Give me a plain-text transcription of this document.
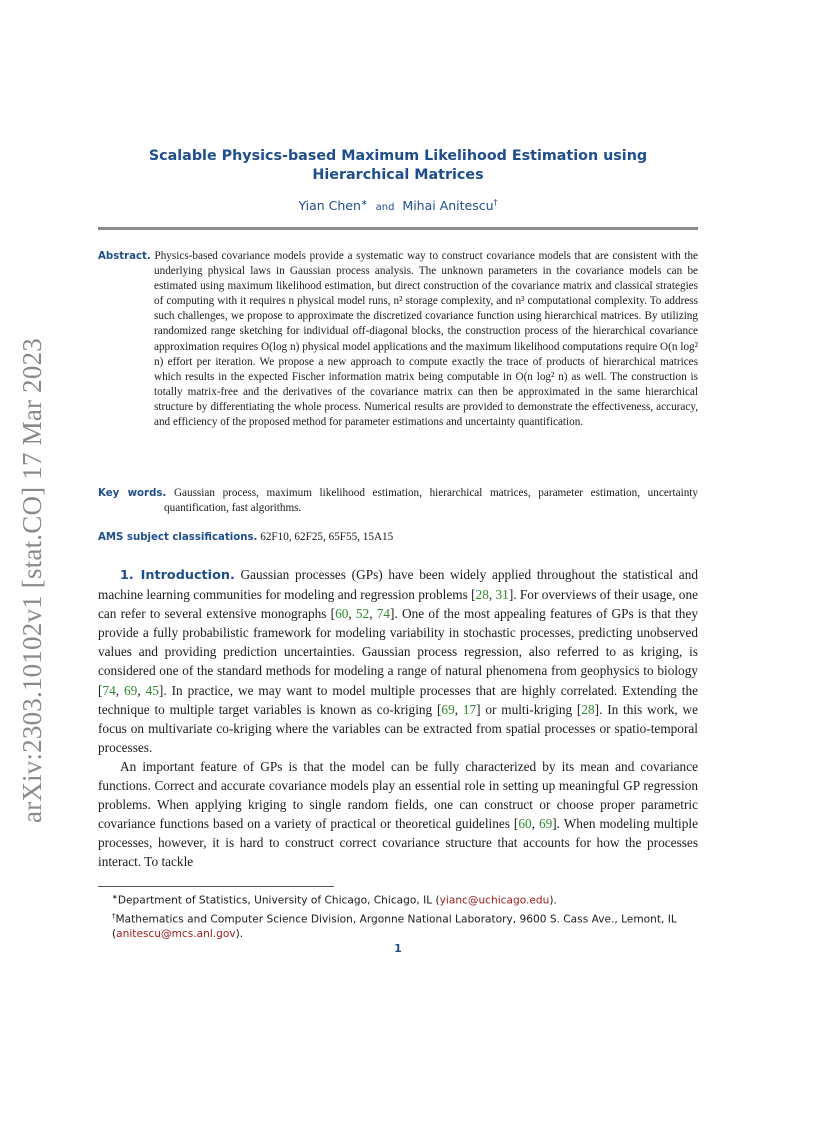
arXiv:2303.10102v1 [stat.CO] 17 Mar 2023
Scalable Physics-based Maximum Likelihood Estimation using Hierarchical Matrices
Yian Chen∗ and Mihai Anitescu†
Abstract. Physics-based covariance models provide a systematic way to construct covariance models that are consistent with the underlying physical laws in Gaussian process analysis. The unknown parameters in the covariance models can be estimated using maximum likelihood estimation, but direct construction of the covariance matrix and classical strategies of computing with it requires n physical model runs, n² storage complexity, and n³ computational complexity. To address such challenges, we propose to approximate the discretized covariance function using hierarchical matrices. By utilizing randomized range sketching for individual off-diagonal blocks, the construction process of the hierarchical covariance approximation requires O(log n) physical model applications and the maximum likelihood computations require O(n log² n) effort per iteration. We propose a new approach to compute exactly the trace of products of hierarchical matrices which results in the expected Fischer information matrix being computable in O(n log² n) as well. The construction is totally matrix-free and the derivatives of the covariance matrix can then be approximated in the same hierarchical structure by differentiating the whole process. Numerical results are provided to demonstrate the effectiveness, accuracy, and efficiency of the proposed method for parameter estimations and uncertainty quantification.
Key words. Gaussian process, maximum likelihood estimation, hierarchical matrices, parameter estimation, uncertainty quantification, fast algorithms.
AMS subject classifications. 62F10, 62F25, 65F55, 15A15

1. Introduction. Gaussian processes (GPs) have been widely applied throughout the statistical and machine learning communities for modeling and regression problems [28, 31]. For overviews of their usage, one can refer to several extensive monographs [60, 52, 74]. One of the most appealing features of GPs is that they provide a fully probabilistic framework for modeling variability in stochastic processes, predicting unobserved values and providing prediction uncertainties. Gaussian process regression, also referred to as kriging, is considered one of the standard methods for modeling a range of natural phenomena from geophysics to biology [74, 69, 45]. In practice, we may want to model multiple processes that are highly correlated. Extending the technique to multiple target variables is known as co-kriging [69, 17] or multi-kriging [28]. In this work, we focus on multivariate co-kriging where the variables can be extracted from spatial processes or spatio-temporal processes.

An important feature of GPs is that the model can be fully characterized by its mean and covariance functions. Correct and accurate covariance models play an essential role in setting up meaningful GP regression problems. When applying kriging to single random fields, one can construct or choose proper parametric covariance functions based on a variety of practical or theoretical guidelines [60, 69]. When modeling multiple processes, however, it is hard to construct correct covariance structure that accounts for how the processes interact. To tackle

∗Department of Statistics, University of Chicago, Chicago, IL (yianc@uchicago.edu).

†Mathematics and Computer Science Division, Argonne National Laboratory, 9600 S. Cass Ave., Lemont, IL (anitescu@mcs.anl.gov).

1
